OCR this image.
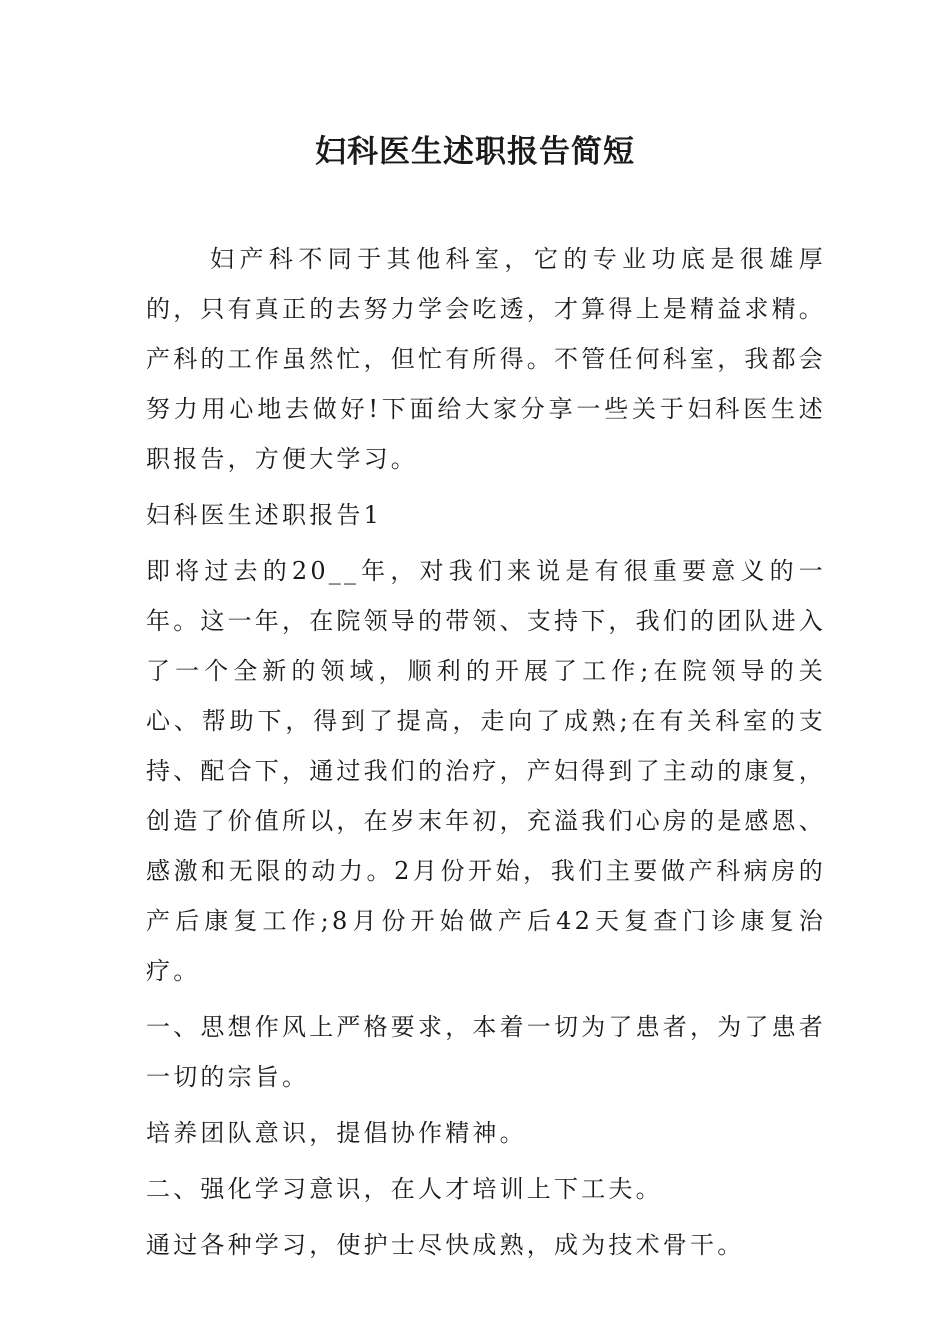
妇科医生述职报告简短

妇产科不同于其他科室，它的专业功底是很雄厚的，只有真正的去努力学会吃透，才算得上是精益求精。产科的工作虽然忙，但忙有所得。不管任何科室，我都会努力用心地去做好!下面给大家分享一些关于妇科医生述职报告，方便大学习。

妇科医生述职报告1

即将过去的20__年，对我们来说是有很重要意义的一年。这一年，在院领导的带领、支持下，我们的团队进入了一个全新的领域，顺利的开展了工作;在院领导的关心、帮助下，得到了提高，走向了成熟;在有关科室的支持、配合下，通过我们的治疗，产妇得到了主动的康复，创造了价值所以，在岁末年初，充溢我们心房的是感恩、感激和无限的动力。2月份开始，我们主要做产科病房的产后康复工作;8月份开始做产后42天复查门诊康复治疗。

一、思想作风上严格要求，本着一切为了患者，为了患者一切的宗旨。

培养团队意识，提倡协作精神。

二、强化学习意识，在人才培训上下工夫。

通过各种学习，使护士尽快成熟，成为技术骨干。
